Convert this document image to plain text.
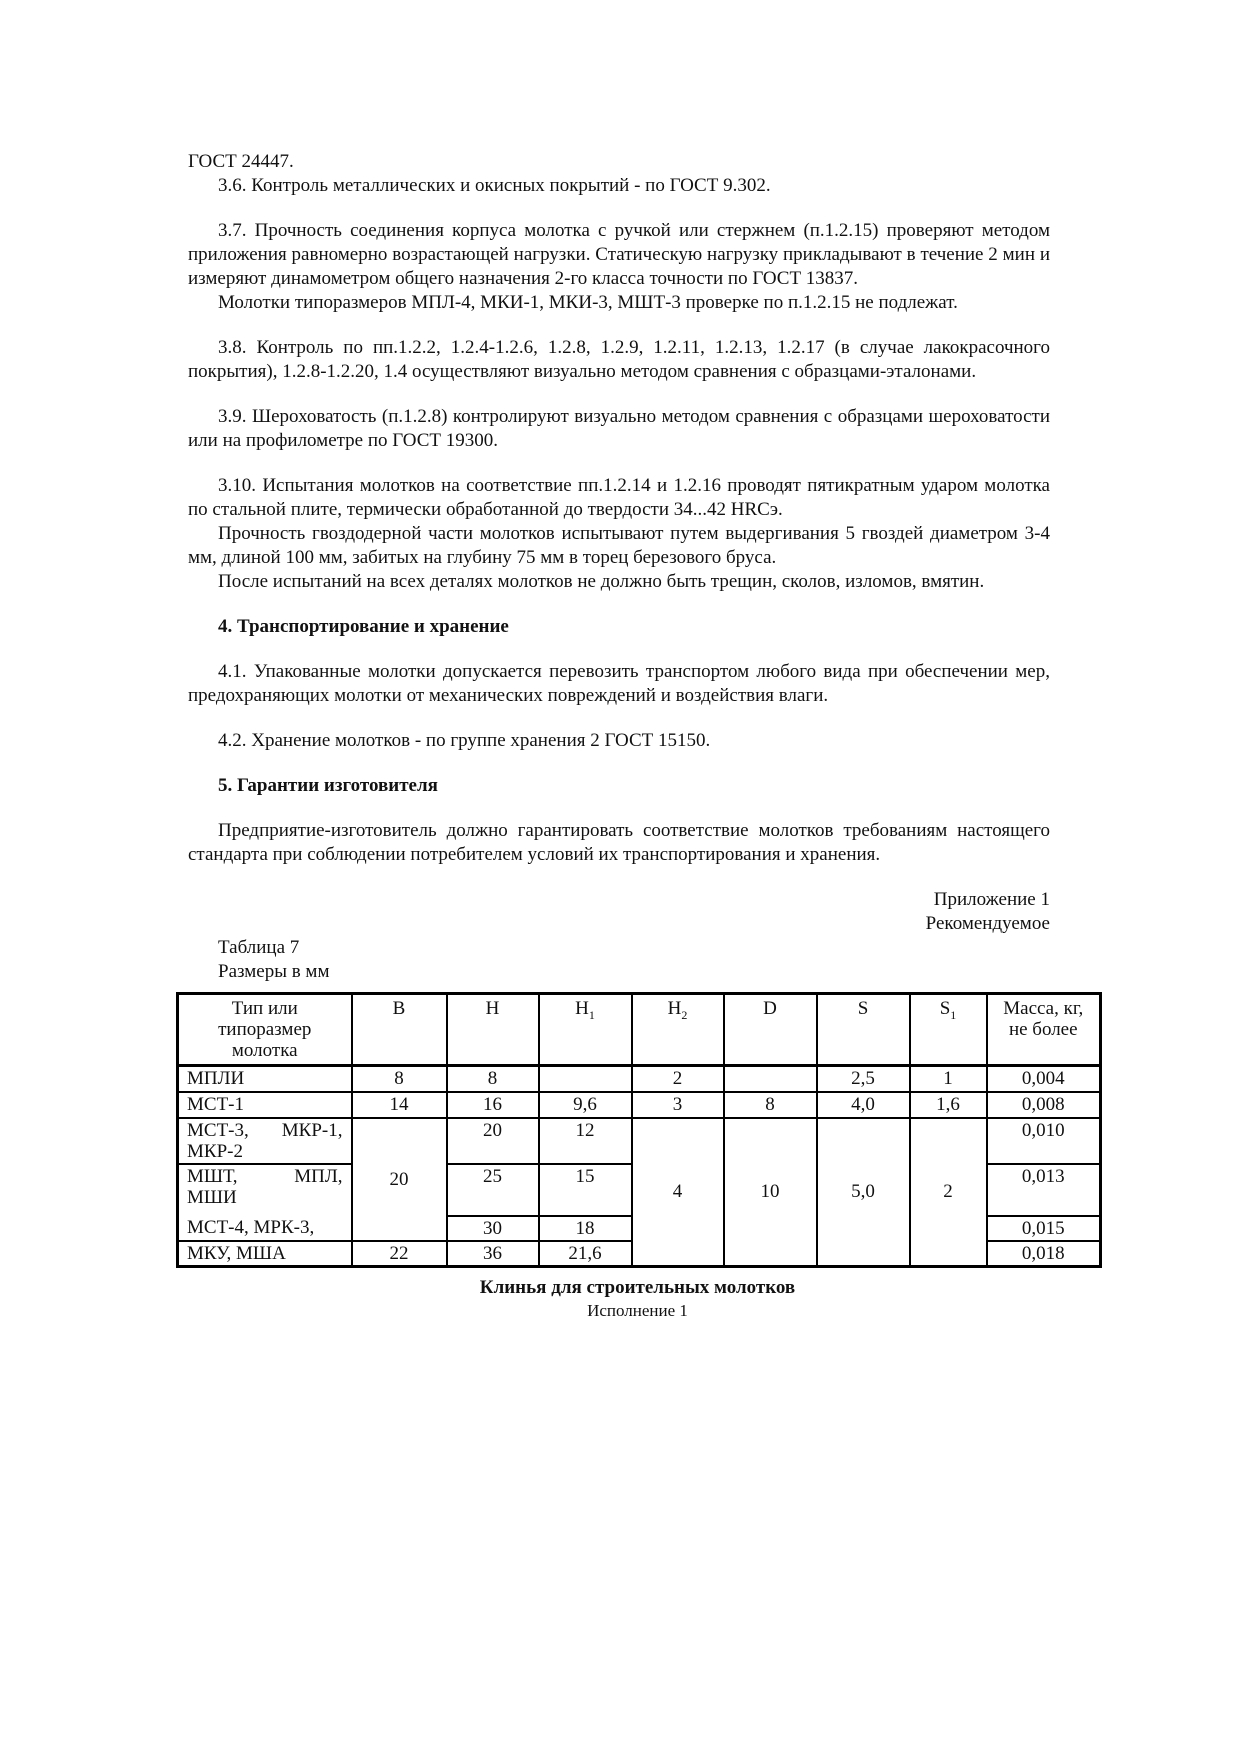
ГОСТ 24447.

3.6. Контроль металлических и окисных покрытий - по ГОСТ 9.302.

3.7. Прочность соединения корпуса молотка с ручкой или стержнем (п.1.2.15) проверяют методом приложения равномерно возрастающей нагрузки. Статическую нагрузку прикладывают в течение 2 мин и измеряют динамометром общего назначения 2-го класса точности по ГОСТ 13837.

Молотки типоразмеров МПЛ-4, МКИ-1, МКИ-3, МШТ-3 проверке по п.1.2.15 не подлежат.

3.8. Контроль по пп.1.2.2, 1.2.4-1.2.6, 1.2.8, 1.2.9, 1.2.11, 1.2.13, 1.2.17 (в случае лакокрасочного покрытия), 1.2.8-1.2.20, 1.4 осуществляют визуально методом сравнения с образцами-эталонами.

3.9. Шероховатость (п.1.2.8) контролируют визуально методом сравнения с образцами шероховатости или на профилометре по ГОСТ 19300.

3.10. Испытания молотков на соответствие пп.1.2.14 и 1.2.16 проводят пятикратным ударом молотка по стальной плите, термически обработанной до твердости 34...42 HRCэ.

Прочность гвоздодерной части молотков испытывают путем выдергивания 5 гвоздей диаметром 3-4 мм, длиной 100 мм, забитых на глубину 75 мм в торец березового бруса.

После испытаний на всех деталях молотков не должно быть трещин, сколов, изломов, вмятин.

4. Транспортирование и хранение

4.1. Упакованные молотки допускается перевозить транспортом любого вида при обеспечении мер, предохраняющих молотки от механических повреждений и воздействия влаги.

4.2. Хранение молотков - по группе хранения 2 ГОСТ 15150.

5. Гарантии изготовителя

Предприятие-изготовитель должно гарантировать соответствие молотков требованиям настоящего стандарта при соблюдении потребителем условий их транспортирования и хранения.

Приложение 1
Рекомендуемое
Таблица 7
Размеры в мм
Тип или типоразмер молотка	B	H	$H_1$	$H_2$	D	S	$S_1$	Масса, кг, не более
МПЛИ	8	8		2		2,5	1	0,004
МСТ-1	14	16	9,6	3	8	4,0	1,6	0,008

МСТ-3, МКР-1,
МКР-2	20	20	12	4	10	5,0	2	0,010

МШТ, МПЛ,
МШИ		25	15					0,013
МСТ-4, МРК-3,		30	18					0,015
МКУ, МША	22	36	21,6					0,018
Клинья для строительных молотков
Исполнение 1
